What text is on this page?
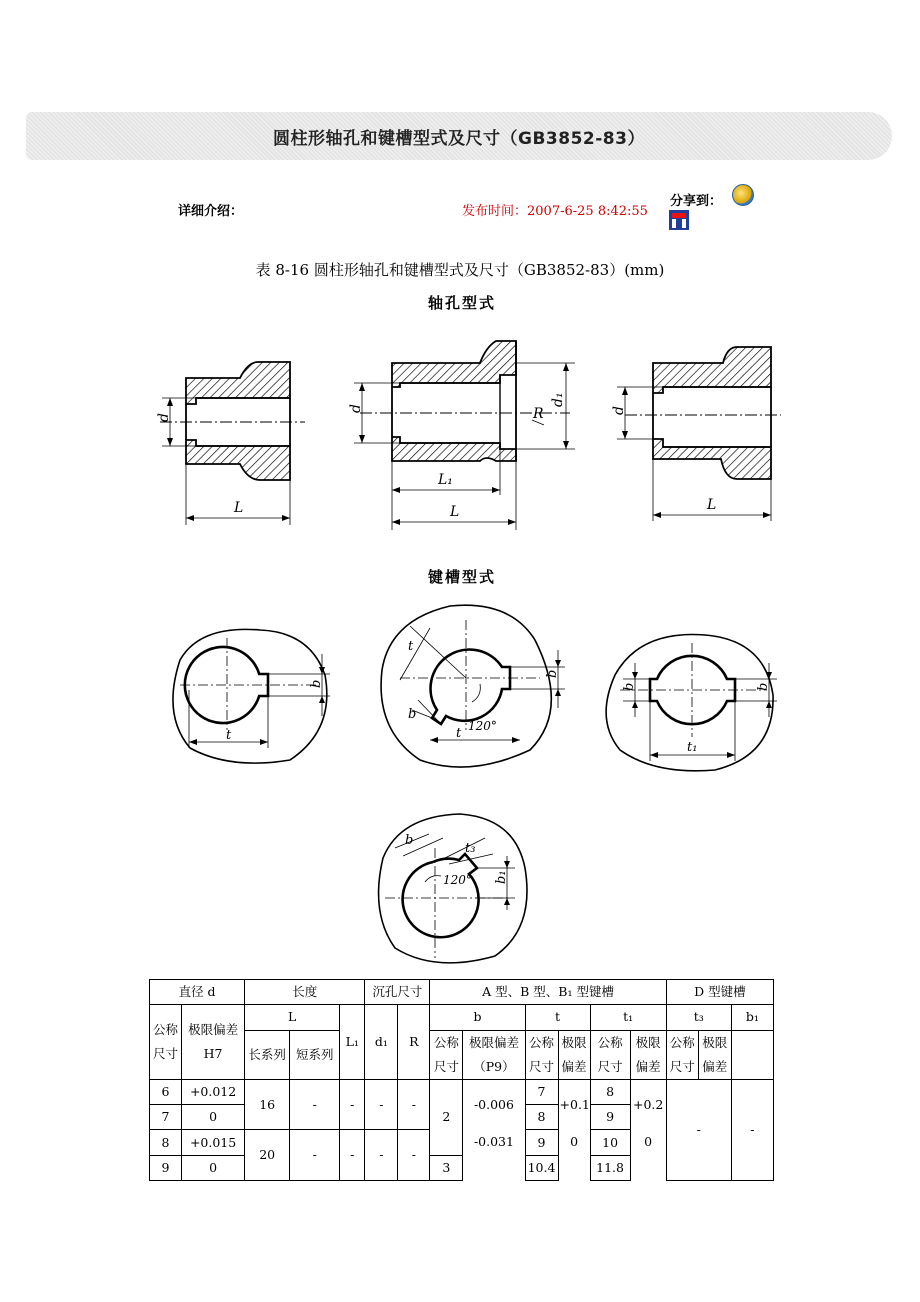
圆柱形轴孔和键槽型式及尺寸（GB3852-83）
详细介绍：	发布时间：2007-6-25 8:42:55
分享到：
表 8-16 圆柱形轴孔和键槽型式及尺寸（GB3852-83）(mm)
轴孔型式
键槽型式
d
L
d
d₁
R
L₁
L
d
L
b
t
b
t
b
t 120°
b	b
t₁
b
t₃
b₁
120°
直径 d		长度			沉孔尺寸		A 型、B 型、B₁ 型键槽						D 型键槽		
公称尺寸	极限偏差 H7	L		L₁	d₁	R	b		t		t₁		t₃		b₁
		长系列	短系列				公称尺寸	极限偏差（P9）	公称尺寸	极限偏差	公称尺寸	极限偏差	公称尺寸	极限偏差	

6	+0.012	16	-	-	-	-	2	-0.006	7	+0.1	8	+0.2	-		-
7	0								8		9				
8	+0.015	20	-	-	-	-		-0.031	9	0	10	0			
9	0						3		10.4		11.8				
